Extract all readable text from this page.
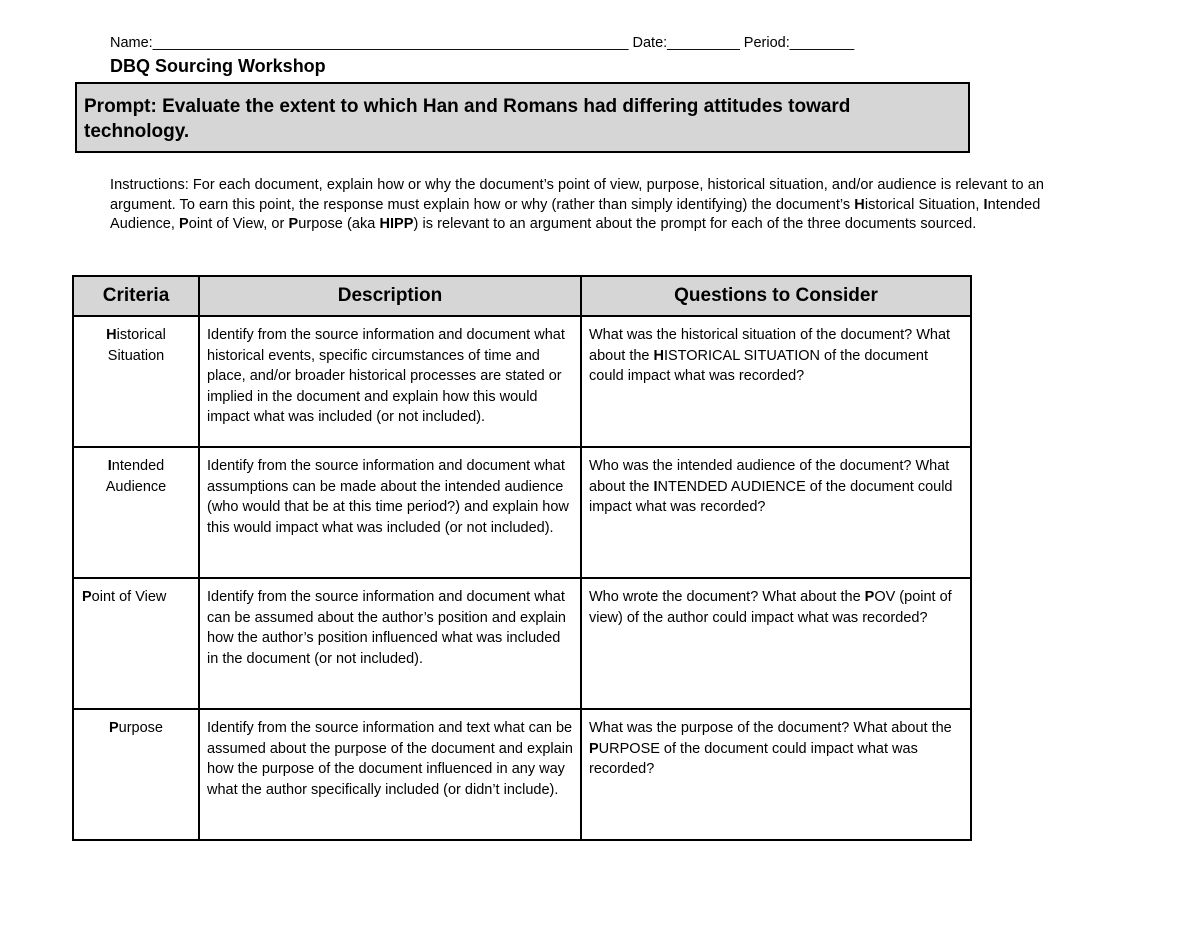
Name:___________________________________________________________ Date:_________ Period:________
DBQ Sourcing Workshop
Prompt: Evaluate the extent to which Han and Romans had differing attitudes toward technology.
Instructions: For each document, explain how or why the document’s point of view, purpose, historical situation, and/or audience is relevant to an argument. To earn this point, the response must explain how or why (rather than simply identifying) the document’s Historical Situation, Intended Audience, Point of View, or Purpose (aka HIPP) is relevant to an argument about the prompt for each of the three documents sourced.
Criteria	Description	Questions to Consider
Historical Situation	Identify from the source information and document what historical events, specific circumstances of time and place, and/or broader historical processes are stated or implied in the document and explain how this would impact what was included (or not included).	What was the historical situation of the document? What about the HISTORICAL SITUATION of the document could impact what was recorded?
Intended Audience	Identify from the source information and document what assumptions can be made about the intended audience (who would that be at this time period?) and explain how this would impact what was included (or not included).	Who was the intended audience of the document? What about the INTENDED AUDIENCE of the document could impact what was recorded?
Point of View	Identify from the source information and document what can be assumed about the author’s position and explain how the author’s position influenced what was included in the document (or not included).	Who wrote the document? What about the POV (point of view) of the author could impact what was recorded?
Purpose	Identify from the source information and text what can be assumed about the purpose of the document and explain how the purpose of the document influenced in any way what the author specifically included (or didn’t include).	What was the purpose of the document? What about the PURPOSE of the document could impact what was recorded?
